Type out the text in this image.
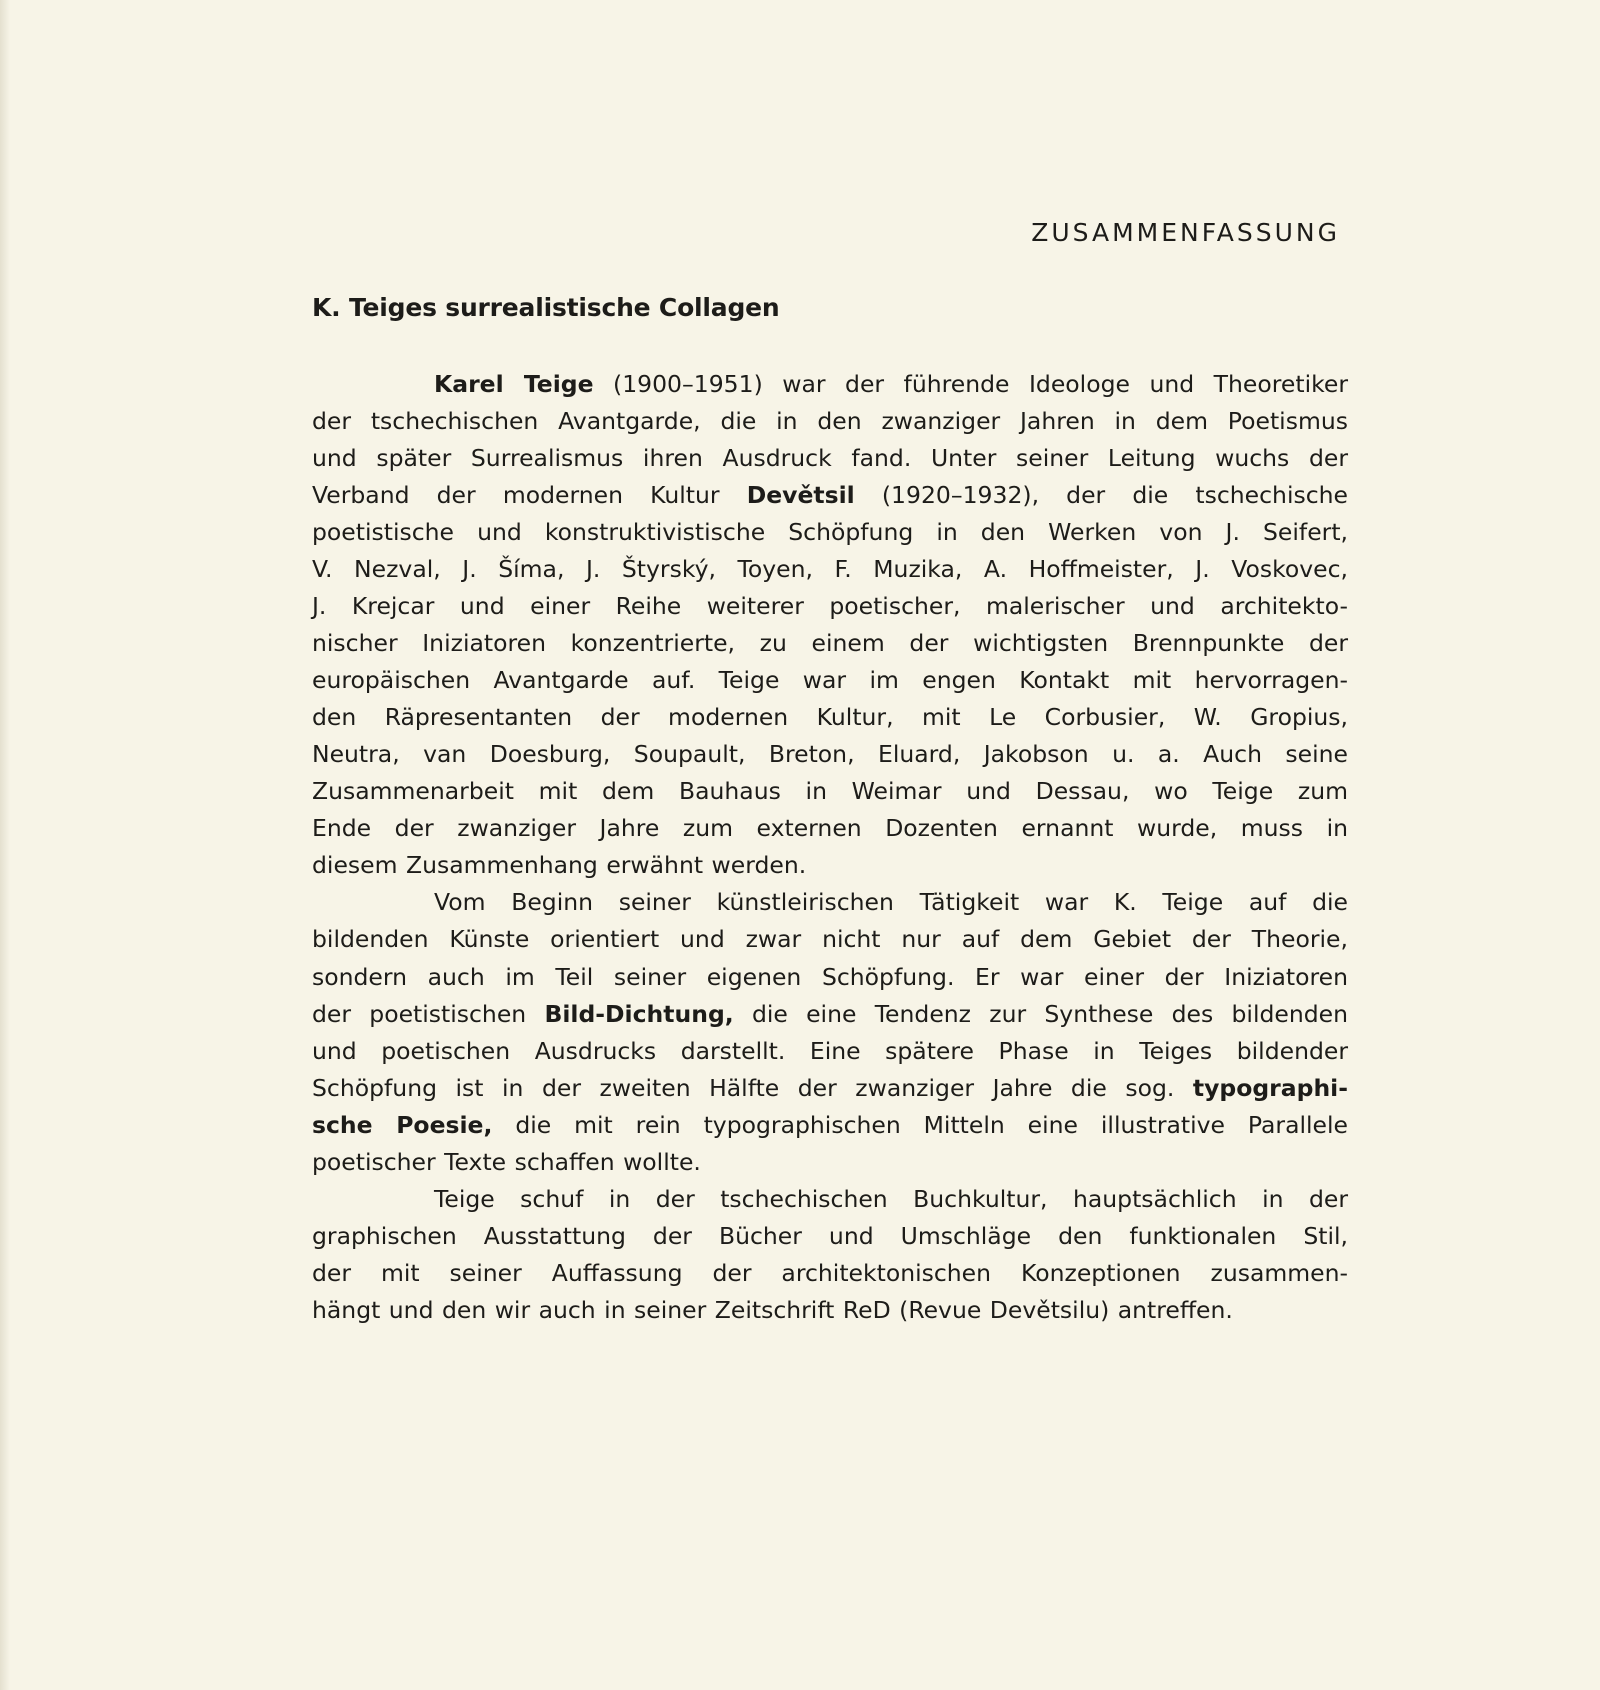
ZUSAMMENFASSUNG
K. Teiges surrealistische Collagen
Karel Teige (1900–1951) war der führende Ideologe und Theoretiker
der tschechischen Avantgarde, die in den zwanziger Jahren in dem Poetismus
und später Surrealismus ihren Ausdruck fand. Unter seiner Leitung wuchs der
Verband der modernen Kultur Devětsil (1920–1932), der die tschechische
poetistische und konstruktivistische Schöpfung in den Werken von J. Seifert,
V. Nezval, J. Šíma, J. Štyrský, Toyen, F. Muzika, A. Hoffmeister, J. Voskovec,
J. Krejcar und einer Reihe weiterer poetischer, malerischer und architekto-
nischer Iniziatoren konzentrierte, zu einem der wichtigsten Brennpunkte der
europäischen Avantgarde auf. Teige war im engen Kontakt mit hervorragen-
den Räpresentanten der modernen Kultur, mit Le Corbusier, W. Gropius,
Neutra, van Doesburg, Soupault, Breton, Eluard, Jakobson u. a. Auch seine
Zusammenarbeit mit dem Bauhaus in Weimar und Dessau, wo Teige zum
Ende der zwanziger Jahre zum externen Dozenten ernannt wurde, muss in
diesem Zusammenhang erwähnt werden.
Vom Beginn seiner künstleirischen Tätigkeit war K. Teige auf die
bildenden Künste orientiert und zwar nicht nur auf dem Gebiet der Theorie,
sondern auch im Teil seiner eigenen Schöpfung. Er war einer der Iniziatoren
der poetistischen Bild-Dichtung, die eine Tendenz zur Synthese des bildenden
und poetischen Ausdrucks darstellt. Eine spätere Phase in Teiges bildender
Schöpfung ist in der zweiten Hälfte der zwanziger Jahre die sog. typographi-
sche Poesie, die mit rein typographischen Mitteln eine illustrative Parallele
poetischer Texte schaffen wollte.
Teige schuf in der tschechischen Buchkultur, hauptsächlich in der
graphischen Ausstattung der Bücher und Umschläge den funktionalen Stil,
der mit seiner Auffassung der architektonischen Konzeptionen zusammen-
hängt und den wir auch in seiner Zeitschrift ReD (Revue Devětsilu) antreffen.
